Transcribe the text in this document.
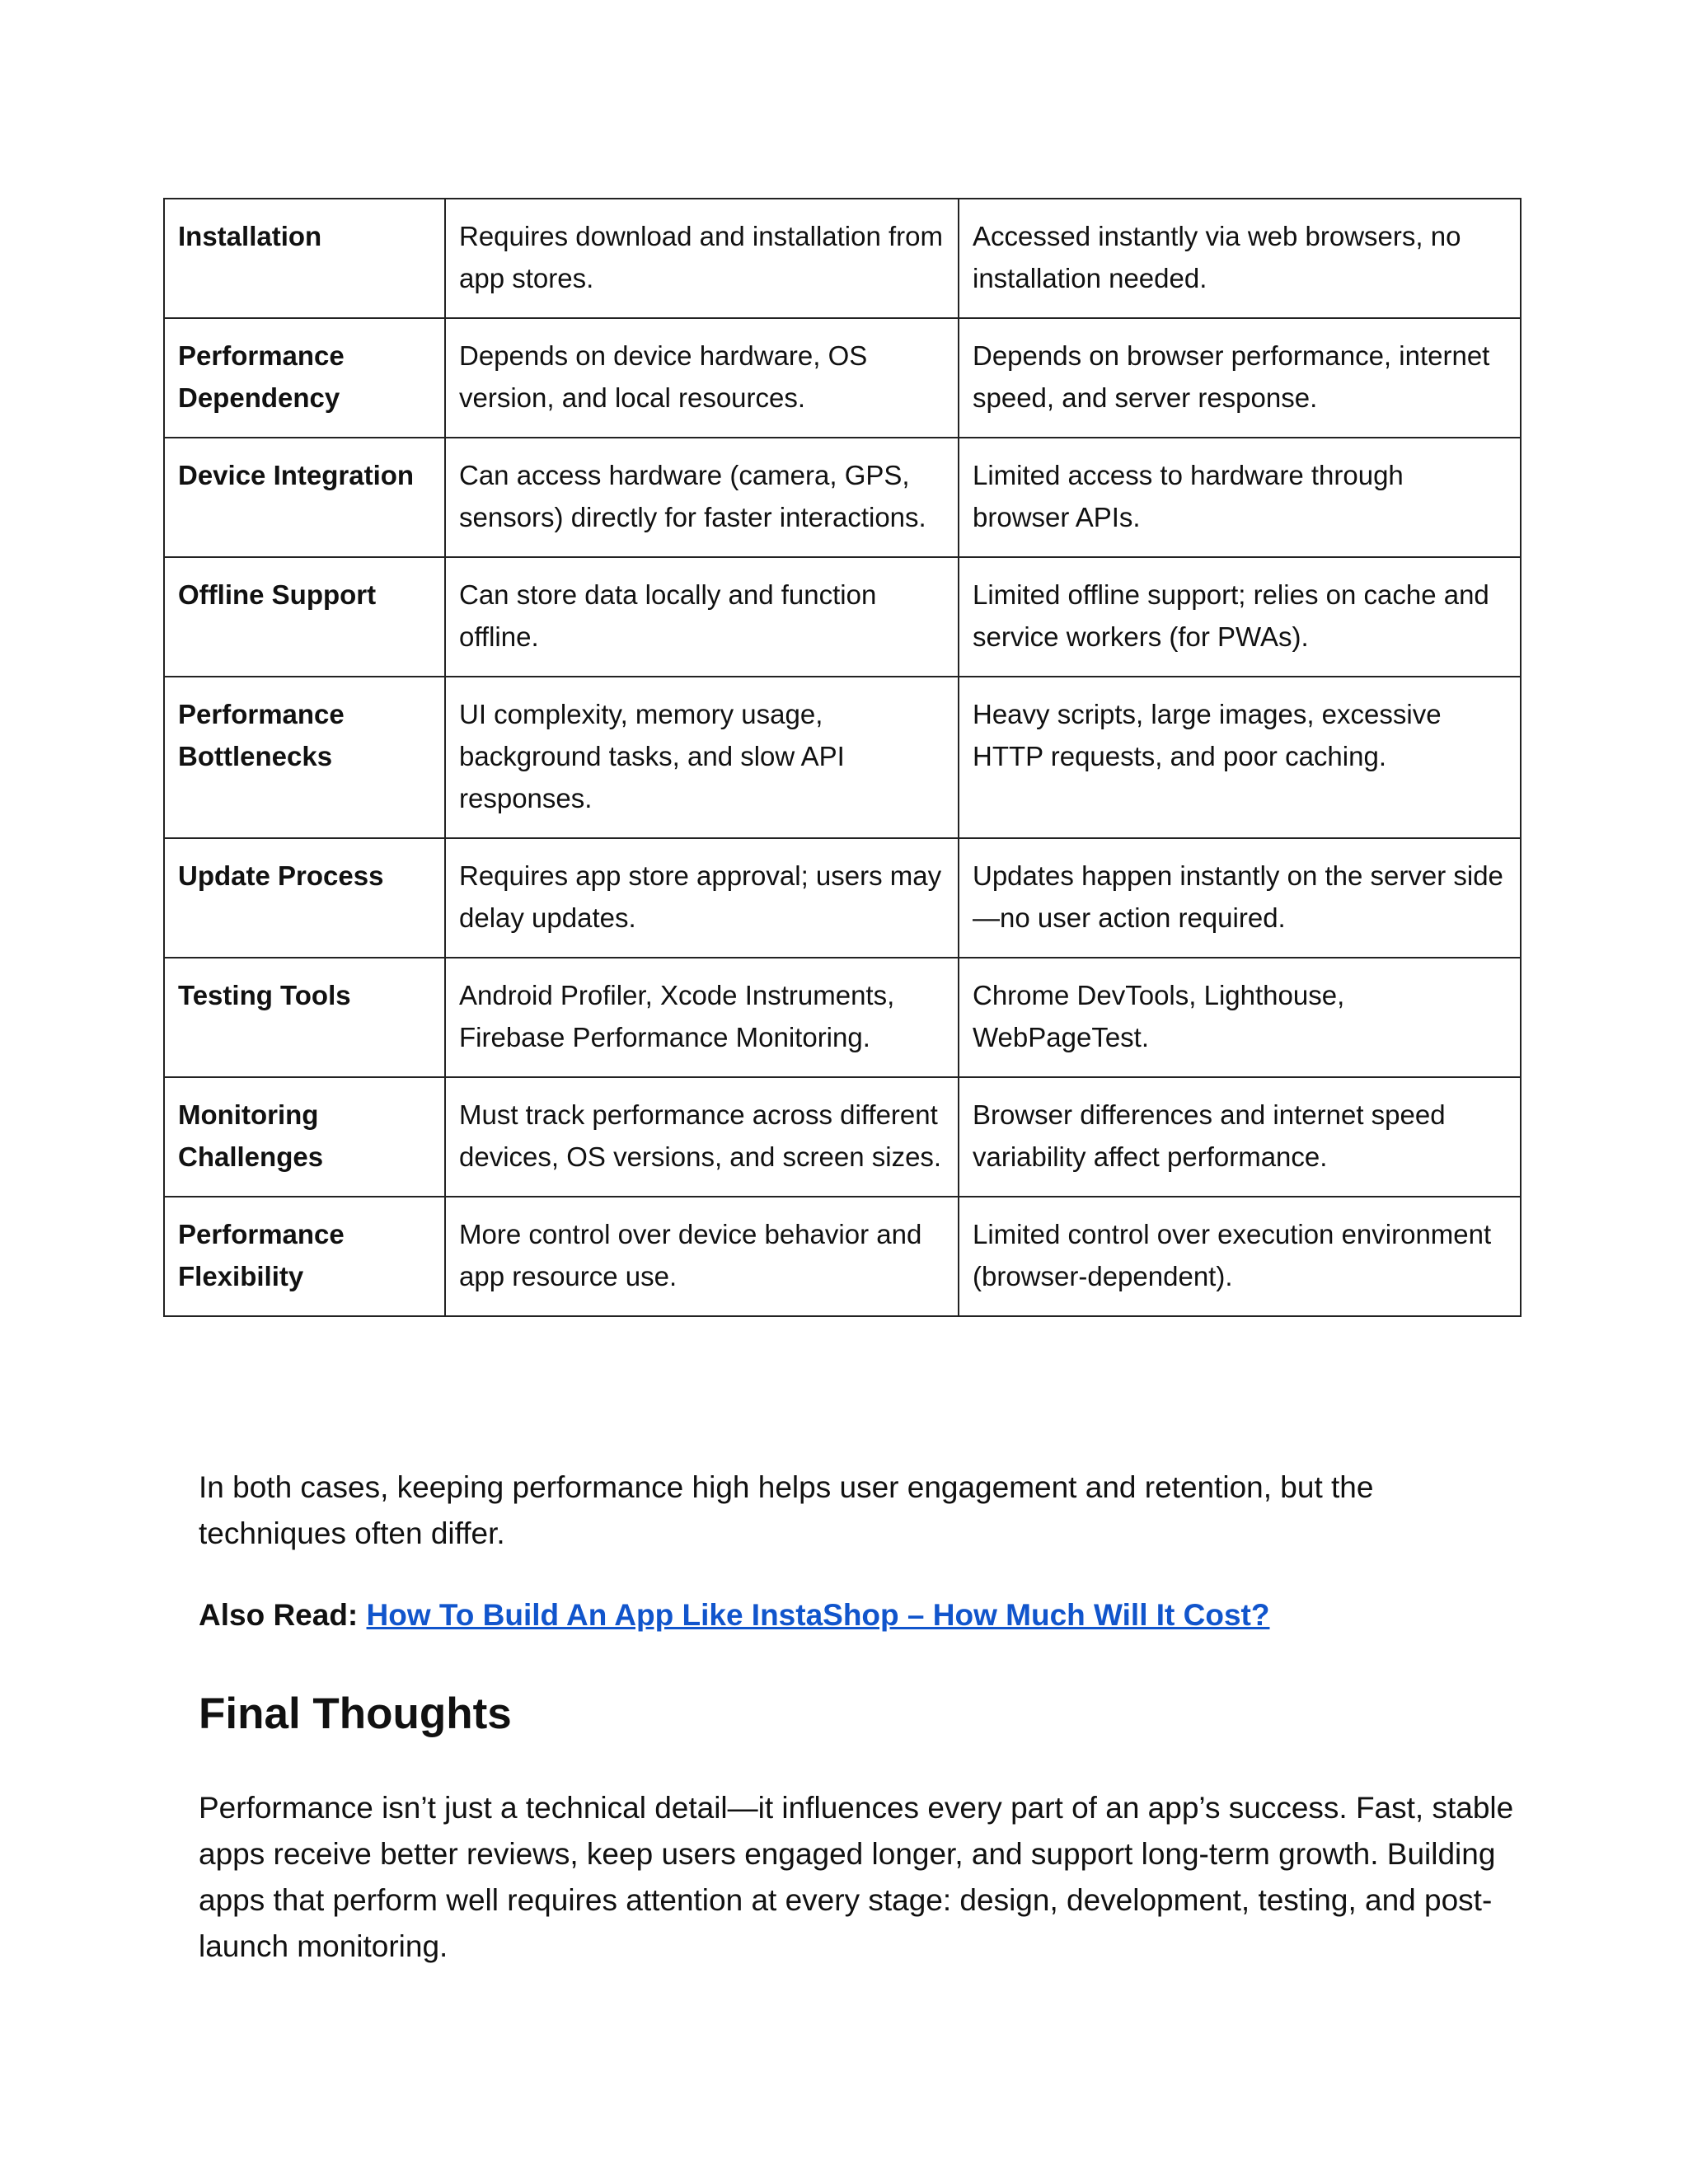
Installation	Requires download and installation from app stores.	Accessed instantly via web browsers, no installation needed.
Performance Dependency	Depends on device hardware, OS version, and local resources.	Depends on browser performance, internet speed, and server response.
Device Integration	Can access hardware (camera, GPS, sensors) directly for faster interactions.	Limited access to hardware through browser APIs.
Offline Support	Can store data locally and function offline.	Limited offline support; relies on cache and service workers (for PWAs).
Performance Bottlenecks	UI complexity, memory usage, background tasks, and slow API responses.	Heavy scripts, large images, excessive HTTP requests, and poor caching.
Update Process	Requires app store approval; users may delay updates.	Updates happen instantly on the server side—no user action required.
Testing Tools	Android Profiler, Xcode Instruments, Firebase Performance Monitoring.	Chrome DevTools, Lighthouse, WebPageTest.
Monitoring Challenges	Must track performance across different devices, OS versions, and screen sizes.	Browser differences and internet speed variability affect performance.
Performance Flexibility	More control over device behavior and app resource use.	Limited control over execution environment (browser-dependent).

In both cases, keeping performance high helps user engagement and retention, but the techniques often differ.

Also Read: How To Build An App Like InstaShop – How Much Will It Cost?

Final Thoughts

Performance isn’t just a technical detail—it influences every part of an app’s success. Fast, stable apps receive better reviews, keep users engaged longer, and support long-term growth. Building apps that perform well requires attention at every stage: design, development, testing, and post-launch monitoring.
